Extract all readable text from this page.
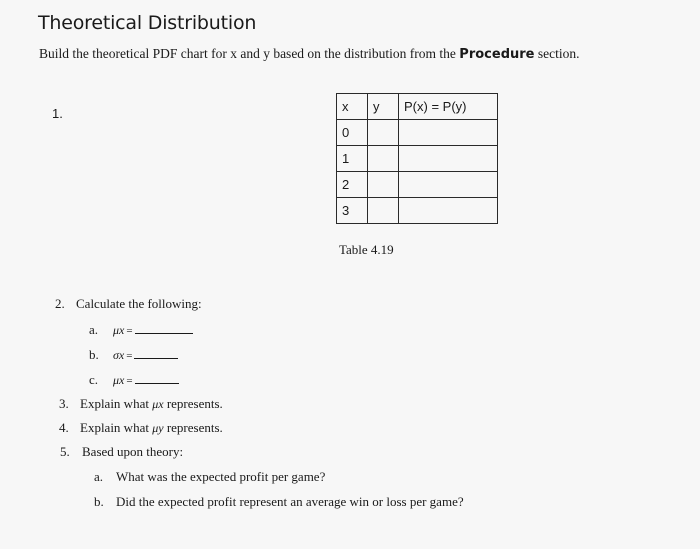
Theoretical Distribution
Build the theoretical PDF chart for x and y based on the distribution from the Procedure section.
1.	x	y	P(x) = P(y)
0		
1		
2		
3		
Table 4.19
2. Calculate the following:
a. μx =
b. σx =
c. μx =
3. Explain what μx represents.
4. Explain what μy represents.
5. Based upon theory:
a. What was the expected profit per game?
b. Did the expected profit represent an average win or loss per game?
